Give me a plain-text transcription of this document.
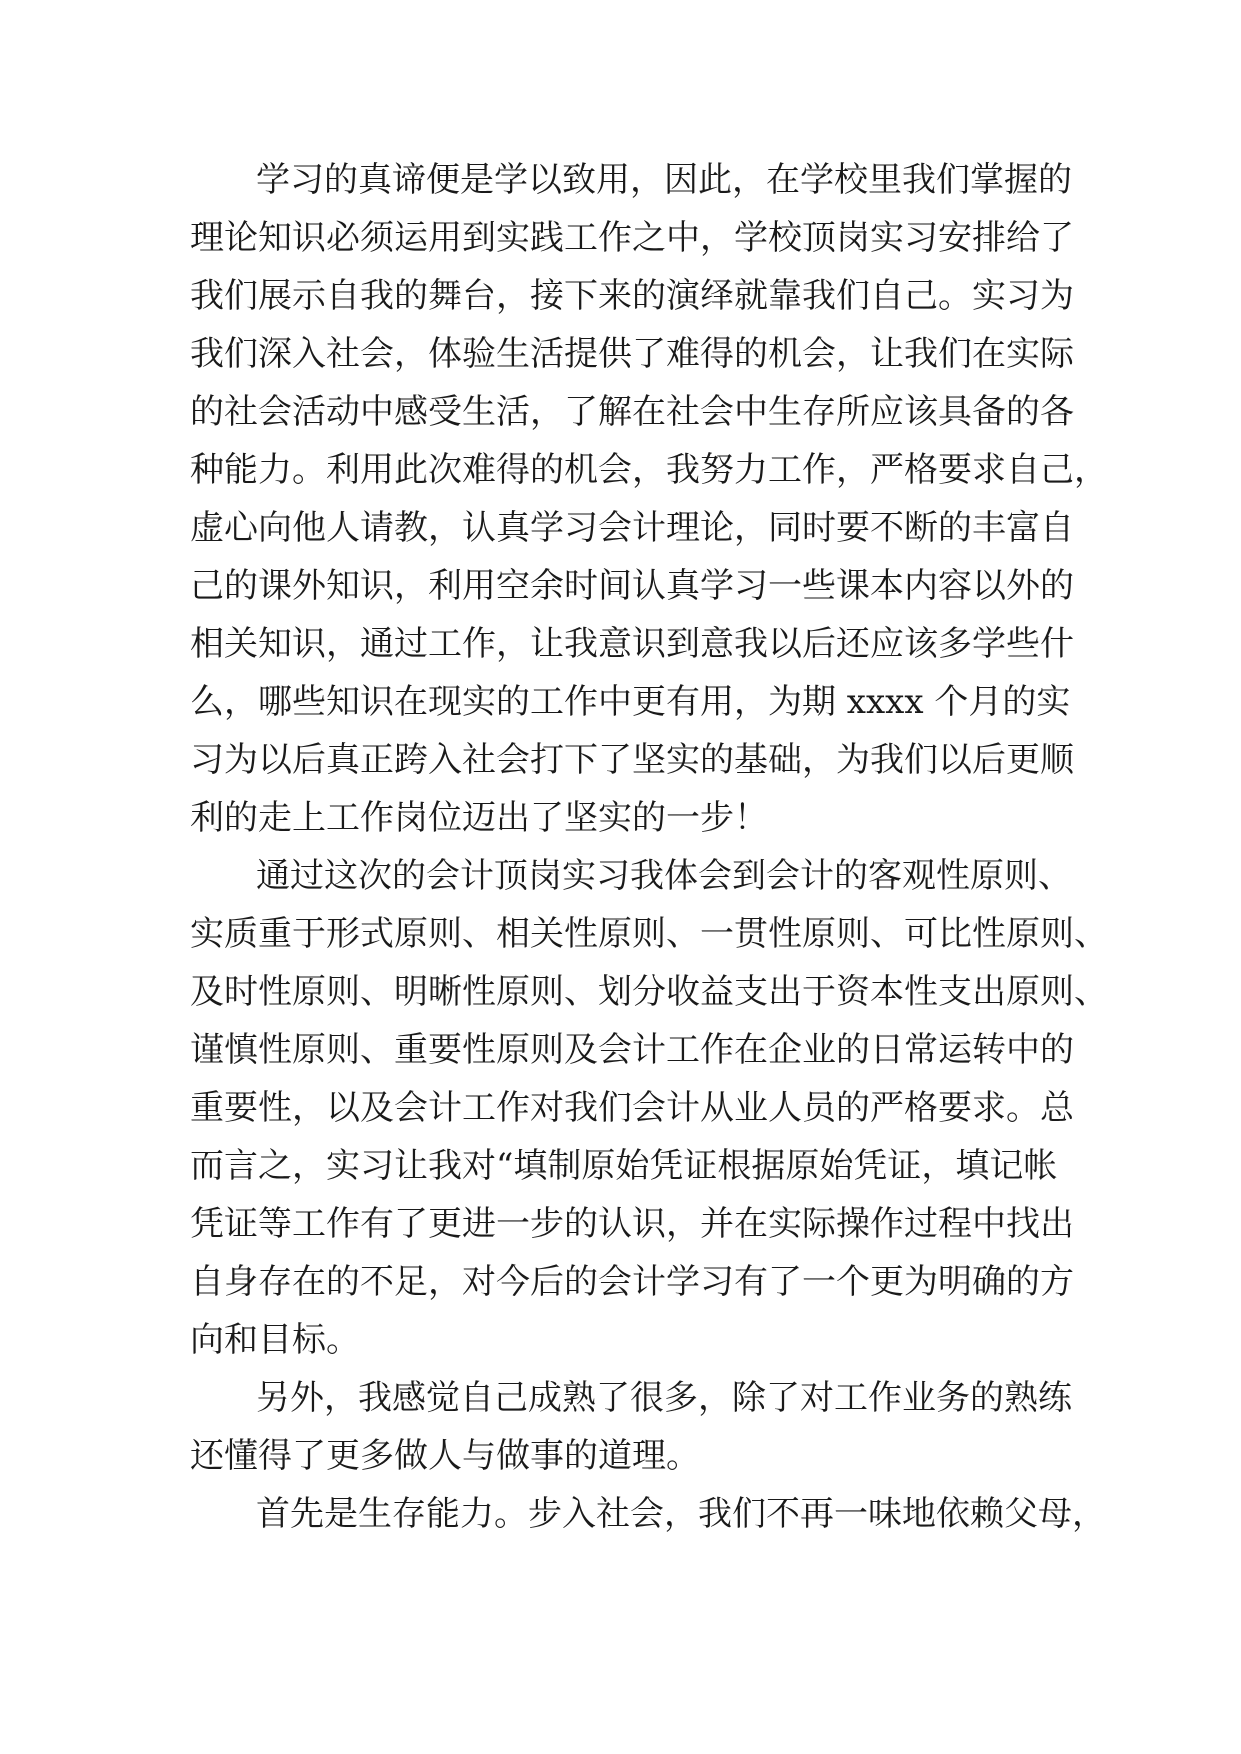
学习的真谛便是学以致用，因此，在学校里我们掌握的
理论知识必须运用到实践工作之中，学校顶岗实习安排给了
我们展示自我的舞台，接下来的演绎就靠我们自己。实习为
我们深入社会，体验生活提供了难得的机会，让我们在实际
的社会活动中感受生活，了解在社会中生存所应该具备的各
种能力。利用此次难得的机会，我努力工作，严格要求自己，
虚心向他人请教，认真学习会计理论，同时要不断的丰富自
己的课外知识，利用空余时间认真学习一些课本内容以外的
相关知识，通过工作，让我意识到意我以后还应该多学些什
么，哪些知识在现实的工作中更有用，为期 xxxx 个月的实
习为以后真正跨入社会打下了坚实的基础，为我们以后更顺
利的走上工作岗位迈出了坚实的一步！
通过这次的会计顶岗实习我体会到会计的客观性原则、
实质重于形式原则、相关性原则、一贯性原则、可比性原则、
及时性原则、明晰性原则、划分收益支出于资本性支出原则、
谨慎性原则、重要性原则及会计工作在企业的日常运转中的
重要性，以及会计工作对我们会计从业人员的严格要求。总
而言之，实习让我对“填制原始凭证根据原始凭证，填记帐
凭证等工作有了更进一步的认识，并在实际操作过程中找出
自身存在的不足，对今后的会计学习有了一个更为明确的方
向和目标。
另外，我感觉自己成熟了很多，除了对工作业务的熟练
还懂得了更多做人与做事的道理。
首先是生存能力。步入社会，我们不再一味地依赖父母，
